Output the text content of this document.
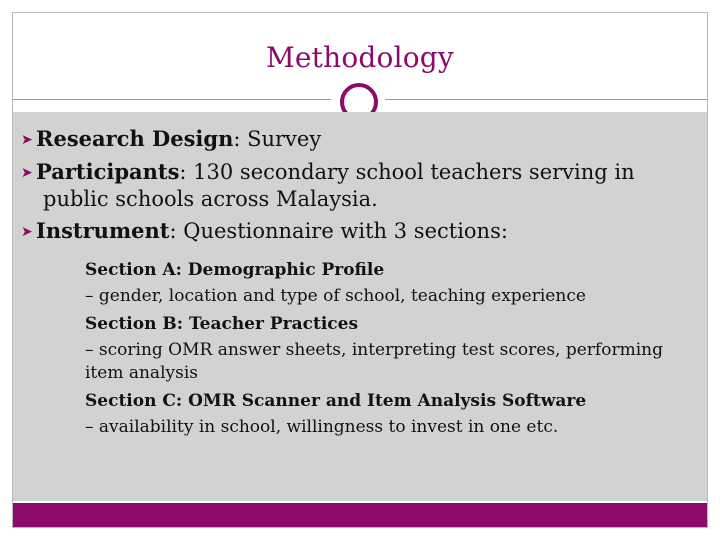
Methodology
➤ Research Design: Survey
➤ Participants: 130 secondary school teachers serving in
public schools across Malaysia.
➤ Instrument: Questionnaire with 3 sections:
Section A: Demographic Profile
– gender, location and type of school, teaching experience
Section B: Teacher Practices
– scoring OMR answer sheets, interpreting test scores, performing
item analysis
Section C: OMR Scanner and Item Analysis Software
– availability in school, willingness to invest in one etc.
